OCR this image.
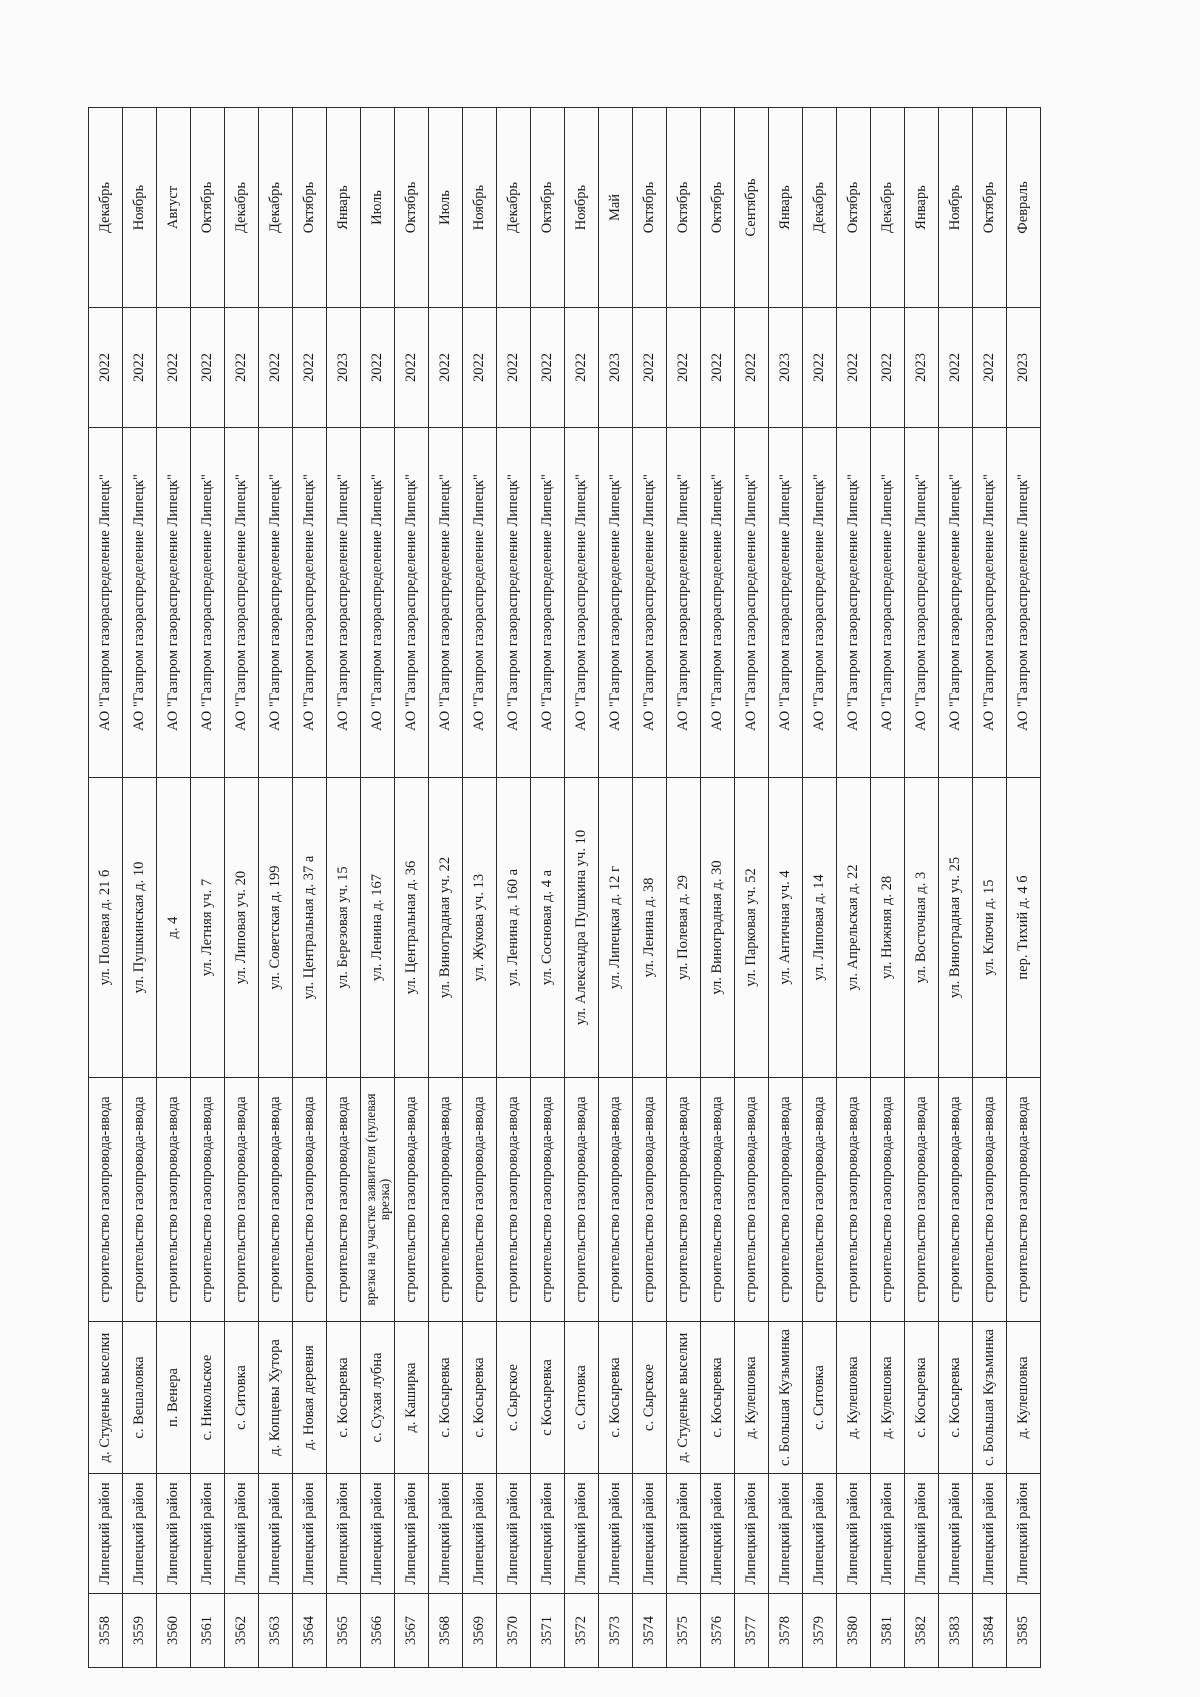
3558	Липецкий район	д. Студеные выселки	строительство газопровода-ввода	ул. Полевая д. 21 б	АО "Газпром газораспределение Липецк"	2022	Декабрь
3559	Липецкий район	с. Вешаловка	строительство газопровода-ввода	ул. Пушкинская д. 10	АО "Газпром газораспределение Липецк"	2022	Ноябрь
3560	Липецкий район	п. Венера	строительство газопровода-ввода	д. 4	АО "Газпром газораспределение Липецк"	2022	Август
3561	Липецкий район	с. Никольское	строительство газопровода-ввода	ул. Летняя уч. 7	АО "Газпром газораспределение Липецк"	2022	Октябрь
3562	Липецкий район	с. Ситовка	строительство газопровода-ввода	ул. Липовая уч. 20	АО "Газпром газораспределение Липецк"	2022	Декабрь
3563	Липецкий район	д. Копцевы Хутора	строительство газопровода-ввода	ул. Советская д. 199	АО "Газпром газораспределение Липецк"	2022	Декабрь
3564	Липецкий район	д. Новая деревня	строительство газопровода-ввода	ул. Центральная д. 37 а	АО "Газпром газораспределение Липецк"	2022	Октябрь
3565	Липецкий район	с. Косыревка	строительство газопровода-ввода	ул. Березовая уч. 15	АО "Газпром газораспределение Липецк"	2023	Январь
3566	Липецкий район	с. Сухая лубна	врезка на участке заявителя (нулевая врезка)	ул. Ленина д. 167	АО "Газпром газораспределение Липецк"	2022	Июль
3567	Липецкий район	д. Каширка	строительство газопровода-ввода	ул. Центральная д. 36	АО "Газпром газораспределение Липецк"	2022	Октябрь
3568	Липецкий район	с. Косыревка	строительство газопровода-ввода	ул. Виноградная уч. 22	АО "Газпром газораспределение Липецк"	2022	Июль
3569	Липецкий район	с. Косыревка	строительство газопровода-ввода	ул. Жукова уч. 13	АО "Газпром газораспределение Липецк"	2022	Ноябрь
3570	Липецкий район	с. Сырское	строительство газопровода-ввода	ул. Ленина д. 160 а	АО "Газпром газораспределение Липецк"	2022	Декабрь
3571	Липецкий район	с Косыревка	строительство газопровода-ввода	ул. Сосновая д. 4 а	АО "Газпром газораспределение Липецк"	2022	Октябрь
3572	Липецкий район	с. Ситовка	строительство газопровода-ввода	ул. Александра Пушкина уч. 10	АО "Газпром газораспределение Липецк"	2022	Ноябрь
3573	Липецкий район	с. Косыревка	строительство газопровода-ввода	ул. Липецкая д. 12 г	АО "Газпром газораспределение Липецк"	2023	Май
3574	Липецкий район	с. Сырское	строительство газопровода-ввода	ул. Ленина д. 38	АО "Газпром газораспределение Липецк"	2022	Октябрь
3575	Липецкий район	д. Студеные выселки	строительство газопровода-ввода	ул. Полевая д. 29	АО "Газпром газораспределение Липецк"	2022	Октябрь
3576	Липецкий район	с. Косыревка	строительство газопровода-ввода	ул. Виноградная д. 30	АО "Газпром газораспределение Липецк"	2022	Октябрь
3577	Липецкий район	д. Кулешовка	строительство газопровода-ввода	ул. Парковая уч. 52	АО "Газпром газораспределение Липецк"	2022	Сентябрь
3578	Липецкий район	с. Большая Кузьминка	строительство газопровода-ввода	ул. Античная уч. 4	АО "Газпром газораспределение Липецк"	2023	Январь
3579	Липецкий район	с. Ситовка	строительство газопровода-ввода	ул. Липовая д. 14	АО "Газпром газораспределение Липецк"	2022	Декабрь
3580	Липецкий район	д. Кулешовка	строительство газопровода-ввода	ул. Апрельская д. 22	АО "Газпром газораспределение Липецк"	2022	Октябрь
3581	Липецкий район	д. Кулешовка	строительство газопровода-ввода	ул. Нижняя д. 28	АО "Газпром газораспределение Липецк"	2022	Декабрь
3582	Липецкий район	с. Косыревка	строительство газопровода-ввода	ул. Восточная д. 3	АО "Газпром газораспределение Липецк"	2023	Январь
3583	Липецкий район	с. Косыревка	строительство газопровода-ввода	ул. Виноградная уч. 25	АО "Газпром газораспределение Липецк"	2022	Ноябрь
3584	Липецкий район	с. Большая Кузьминка	строительство газопровода-ввода	ул. Ключи д. 15	АО "Газпром газораспределение Липецк"	2022	Октябрь
3585	Липецкий район	д. Кулешовка	строительство газопровода-ввода	пер. Тихий д. 4 б	АО "Газпром газораспределение Липецк"	2023	Февраль
